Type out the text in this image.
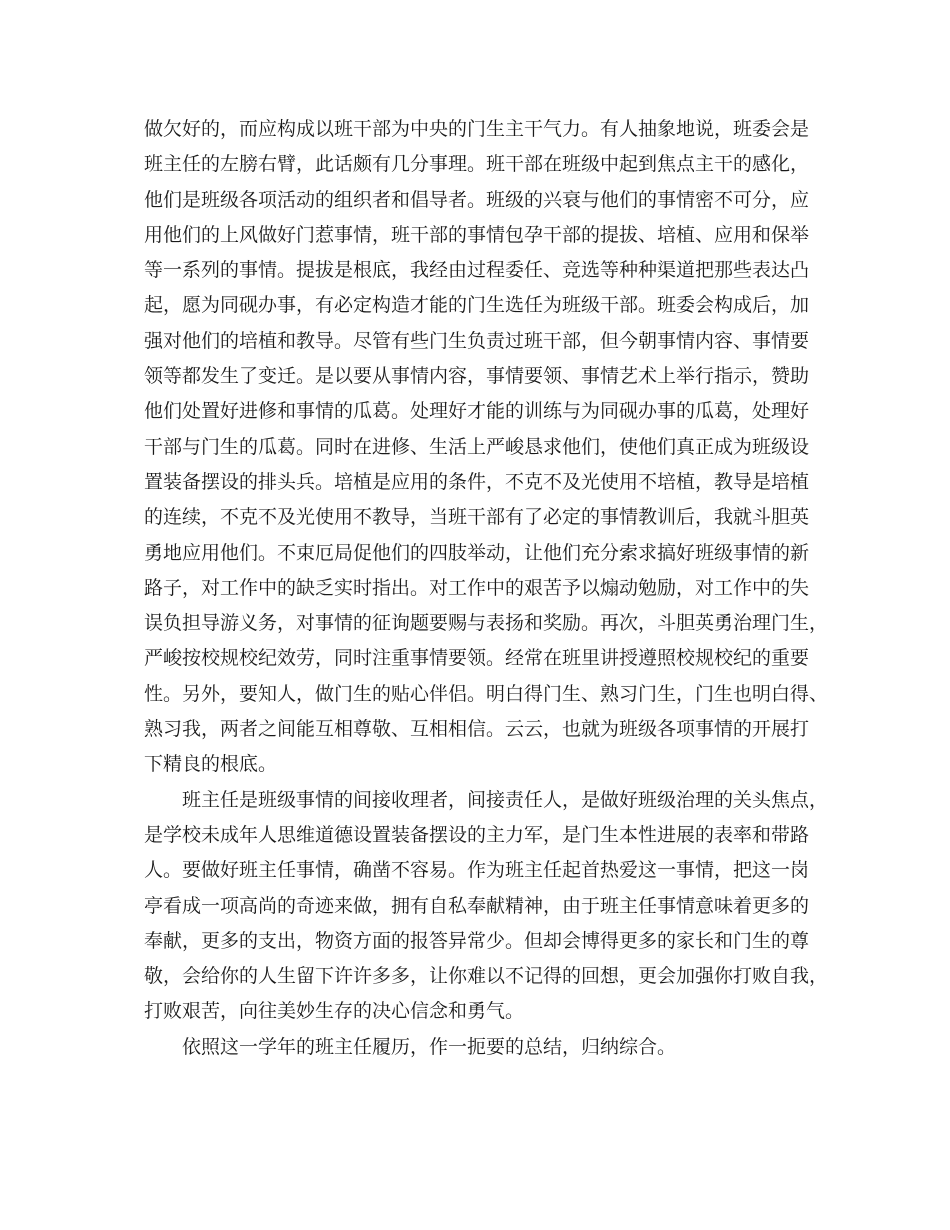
做欠好的，而应构成以班干部为中央的门生主干气力。有人抽象地说，班委会是
班主任的左膀右臂，此话颇有几分事理。班干部在班级中起到焦点主干的感化，
他们是班级各项活动的组织者和倡导者。班级的兴衰与他们的事情密不可分，应
用他们的上风做好门惹事情，班干部的事情包孕干部的提拔、培植、应用和保举
等一系列的事情。提拔是根底，我经由过程委任、竞选等种种渠道把那些表达凸
起，愿为同砚办事，有必定构造才能的门生选任为班级干部。班委会构成后，加
强对他们的培植和教导。尽管有些门生负责过班干部，但今朝事情内容、事情要
领等都发生了变迁。是以要从事情内容，事情要领、事情艺术上举行指示，赞助
他们处置好进修和事情的瓜葛。处理好才能的训练与为同砚办事的瓜葛，处理好
干部与门生的瓜葛。同时在进修、生活上严峻恳求他们，使他们真正成为班级设
置装备摆设的排头兵。培植是应用的条件，不克不及光使用不培植，教导是培植
的连续，不克不及光使用不教导，当班干部有了必定的事情教训后，我就斗胆英
勇地应用他们。不束厄局促他们的四肢举动，让他们充分索求搞好班级事情的新
路子，对工作中的缺乏实时指出。对工作中的艰苦予以煽动勉励，对工作中的失
误负担导游义务，对事情的征询题要赐与表扬和奖励。再次，斗胆英勇治理门生，
严峻按校规校纪效劳，同时注重事情要领。经常在班里讲授遵照校规校纪的重要
性。另外，要知人，做门生的贴心伴侣。明白得门生、熟习门生，门生也明白得、
熟习我，两者之间能互相尊敬、互相相信。云云，也就为班级各项事情的开展打
下精良的根底。
班主任是班级事情的间接收理者，间接责任人，是做好班级治理的关头焦点，
是学校未成年人思维道德设置装备摆设的主力军，是门生本性进展的表率和带路
人。要做好班主任事情，确凿不容易。作为班主任起首热爱这一事情，把这一岗
亭看成一项高尚的奇迹来做，拥有自私奉献精神，由于班主任事情意味着更多的
奉献，更多的支出，物资方面的报答异常少。但却会博得更多的家长和门生的尊
敬，会给你的人生留下许许多多，让你难以不记得的回想，更会加强你打败自我，
打败艰苦，向往美妙生存的决心信念和勇气。
依照这一学年的班主任履历，作一扼要的总结，归纳综合。
